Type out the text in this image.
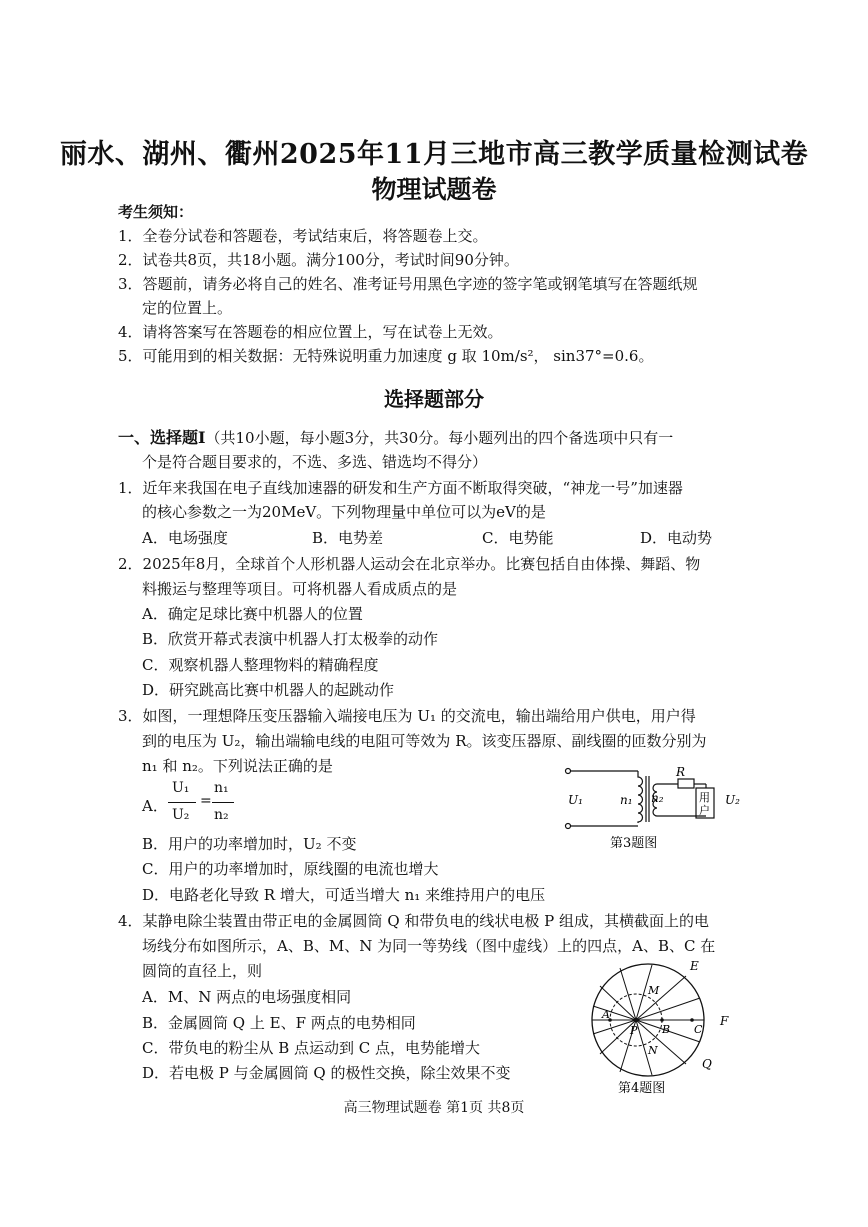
丽水、湖州、衢州2025年11月三地市高三教学质量检测试卷
物理试题卷
考生须知：
1．全卷分试卷和答题卷，考试结束后，将答题卷上交。
2．试卷共8页，共18小题。满分100分，考试时间90分钟。
3．答题前，请务必将自己的姓名、准考证号用黑色字迹的签字笔或钢笔填写在答题纸规
定的位置上。
4．请将答案写在答题卷的相应位置上，写在试卷上无效。
5．可能用到的相关数据：无特殊说明重力加速度 g 取 10m/s²， sin37°=0.6。
选择题部分
一、选择题Ⅰ（共10小题，每小题3分，共30分。每小题列出的四个备选项中只有一
个是符合题目要求的，不选、多选、错选均不得分）
1．近年来我国在电子直线加速器的研发和生产方面不断取得突破，“神龙一号”加速器
的核心参数之一为20MeV。下列物理量中单位可以为eV的是
A．电场强度	B．电势差	C．电势能	D．电动势
2．2025年8月，全球首个人形机器人运动会在北京举办。比赛包括自由体操、舞蹈、物
料搬运与整理等项目。可将机器人看成质点的是
A．确定足球比赛中机器人的位置
B．欣赏开幕式表演中机器人打太极拳的动作
C．观察机器人整理物料的精确程度
D．研究跳高比赛中机器人的起跳动作
3．如图，一理想降压变压器输入端接电压为 U₁ 的交流电，输出端给用户供电，用户得
到的电压为 U₂，输出端输电线的电阻可等效为 R。该变压器原、副线圈的匝数分别为
n₁ 和 n₂。下列说法正确的是
A．
U₁
U₂
=
n₁
n₂
B．用户的功率增加时，U₂ 不变
C．用户的功率增加时，原线圈的电流也增大
D．电路老化导致 R 增大，可适当增大 n₁ 来维持用户的电压
R
U₁	n₁ n₂	用
户
U₂
第3题图
4．某静电除尘装置由带正电的金属圆筒 Q 和带负电的线状电极 P 组成，其横截面上的电
场线分布如图所示，A、B、M、N 为同一等势线（图中虚线）上的四点，A、B、C 在
圆筒的直径上，则
A．M、N 两点的电场强度相同
B．金属圆筒 Q 上 E、F 两点的电势相同
C．带负电的粉尘从 B 点运动到 C 点，电势能增大
D．若电极 P 与金属圆筒 Q 的极性交换，除尘效果不变
E
M
A
P B C
F
N
Q
第4题图
高三物理试题卷 第1页 共8页
